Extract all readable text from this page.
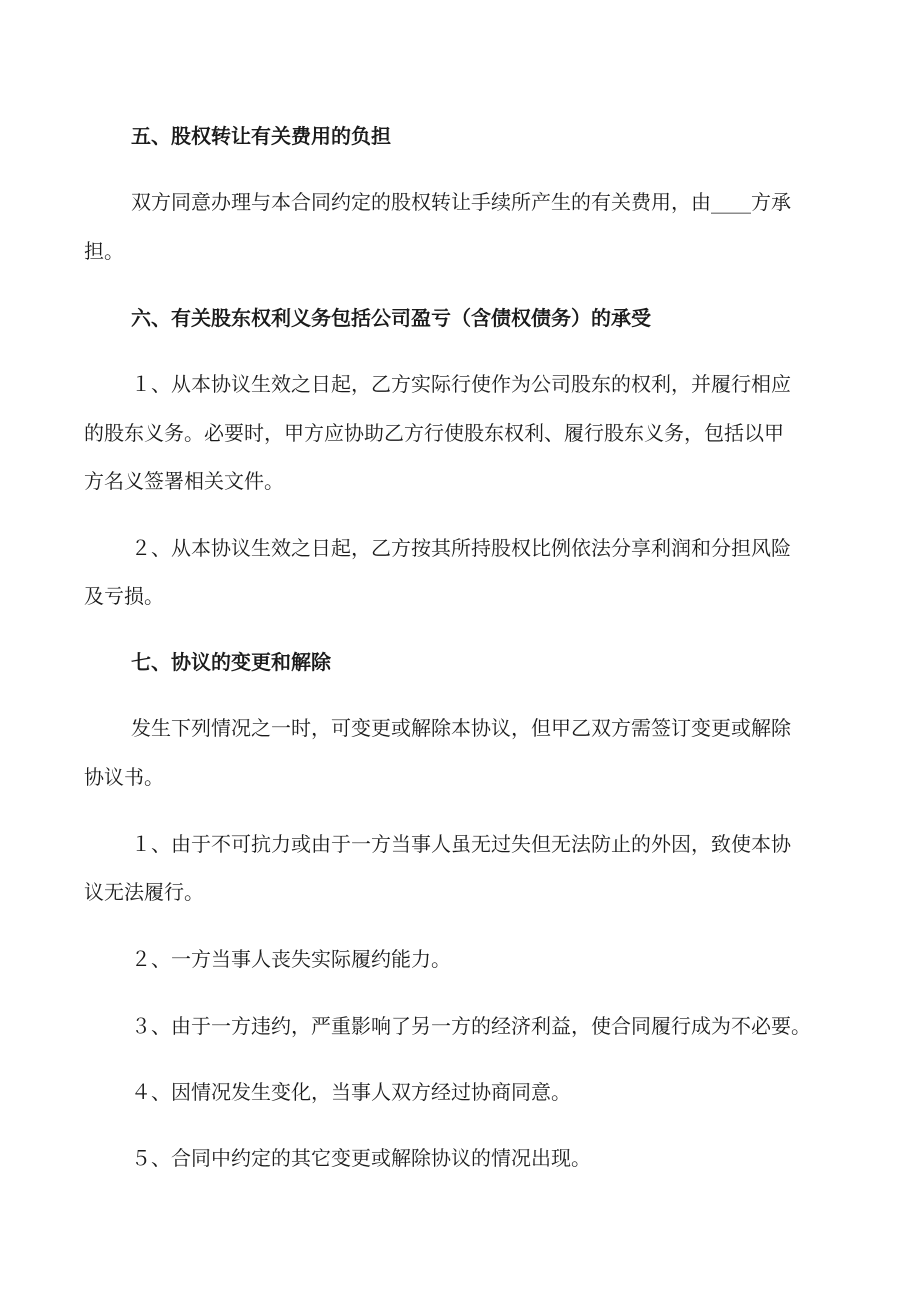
五、股权转让有关费用的负担
双方同意办理与本合同约定的股权转让手续所产生的有关费用，由____方承
担。
六、有关股东权利义务包括公司盈亏（含债权债务）的承受
１、从本协议生效之日起，乙方实际行使作为公司股东的权利，并履行相应
的股东义务。必要时，甲方应协助乙方行使股东权利、履行股东义务，包括以甲
方名义签署相关文件。
２、从本协议生效之日起，乙方按其所持股权比例依法分享利润和分担风险
及亏损。
七、协议的变更和解除
发生下列情况之一时，可变更或解除本协议，但甲乙双方需签订变更或解除
协议书。
１、由于不可抗力或由于一方当事人虽无过失但无法防止的外因，致使本协
议无法履行。
２、一方当事人丧失实际履约能力。
３、由于一方违约，严重影响了另一方的经济利益，使合同履行成为不必要。
４、因情况发生变化，当事人双方经过协商同意。
５、合同中约定的其它变更或解除协议的情况出现。
